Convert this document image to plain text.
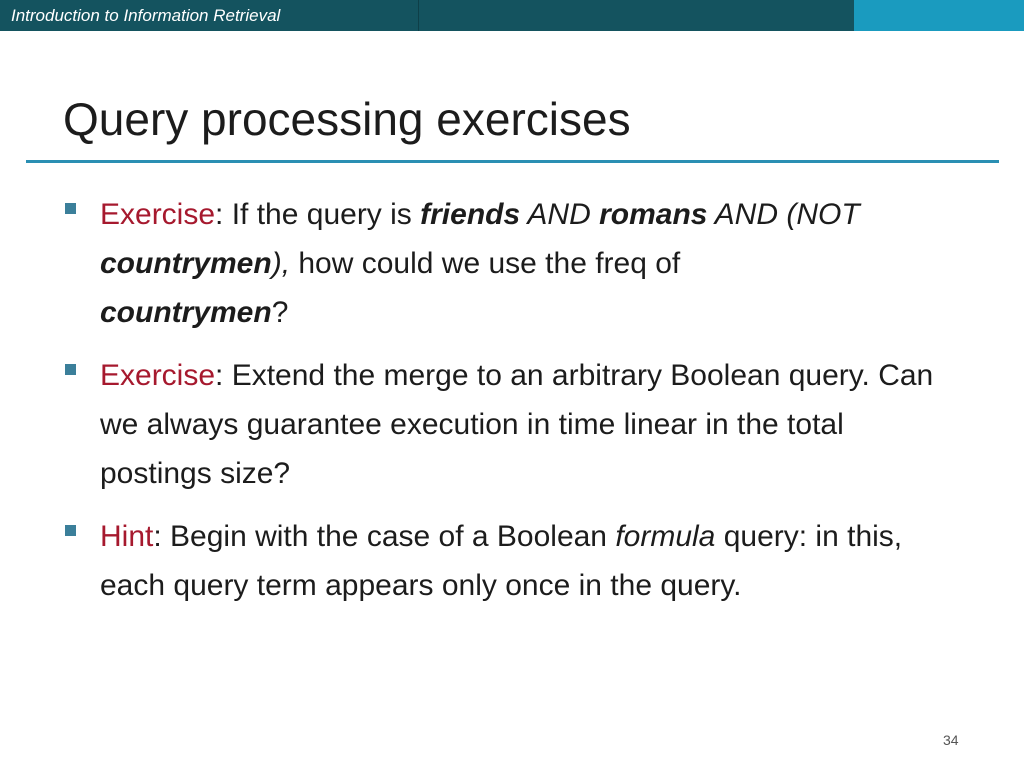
Introduction to Information Retrieval
Query processing exercises
Exercise: If the query is friends AND romans AND (NOT countrymen), how could we use the freq of
countrymen?
Exercise: Extend the merge to an arbitrary Boolean query. Can we always guarantee execution in time linear in the total postings size?
Hint: Begin with the case of a Boolean formula query: in this, each query term appears only once in the query.
34
